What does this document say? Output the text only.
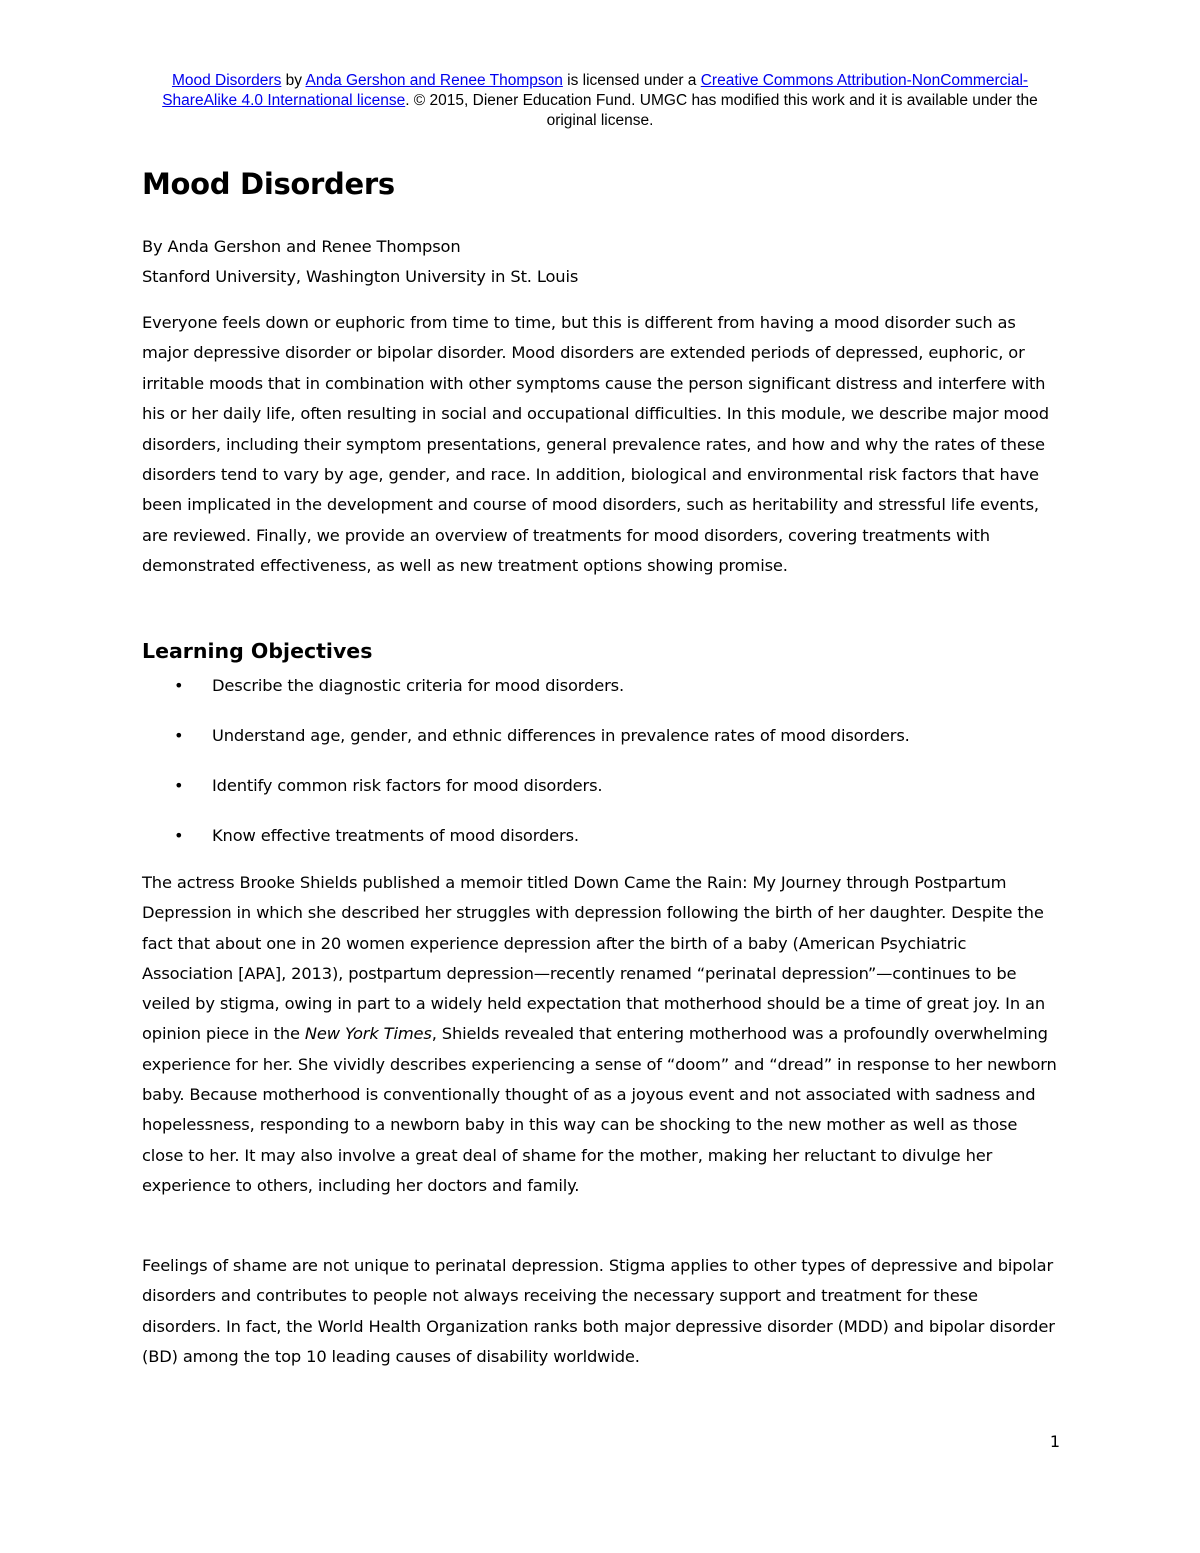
Mood Disorders by Anda Gershon and Renee Thompson is licensed under a Creative Commons Attribution-NonCommercial-ShareAlike 4.0 International license. © 2015, Diener Education Fund. UMGC has modified this work and it is available under the original license.
Mood Disorders
By Anda Gershon and Renee Thompson
Stanford University, Washington University in St. Louis

Everyone feels down or euphoric from time to time, but this is different from having a mood disorder such as major depressive disorder or bipolar disorder. Mood disorders are extended periods of depressed, euphoric, or irritable moods that in combination with other symptoms cause the person significant distress and interfere with his or her daily life, often resulting in social and occupational difficulties. In this module, we describe major mood disorders, including their symptom presentations, general prevalence rates, and how and why the rates of these disorders tend to vary by age, gender, and race. In addition, biological and environmental risk factors that have been implicated in the development and course of mood disorders, such as heritability and stressful life events, are reviewed. Finally, we provide an overview of treatments for mood disorders, covering treatments with demonstrated effectiveness, as well as new treatment options showing promise.

Learning Objectives
• Describe the diagnostic criteria for mood disorders.
• Understand age, gender, and ethnic differences in prevalence rates of mood disorders.
• Identify common risk factors for mood disorders.
• Know effective treatments of mood disorders.

The actress Brooke Shields published a memoir titled Down Came the Rain: My Journey through Postpartum Depression in which she described her struggles with depression following the birth of her daughter. Despite the fact that about one in 20 women experience depression after the birth of a baby (American Psychiatric Association [APA], 2013), postpartum depression—recently renamed “perinatal depression”—continues to be veiled by stigma, owing in part to a widely held expectation that motherhood should be a time of great joy. In an opinion piece in the New York Times, Shields revealed that entering motherhood was a profoundly overwhelming experience for her. She vividly describes experiencing a sense of “doom” and “dread” in response to her newborn baby. Because motherhood is conventionally thought of as a joyous event and not associated with sadness and hopelessness, responding to a newborn baby in this way can be shocking to the new mother as well as those close to her. It may also involve a great deal of shame for the mother, making her reluctant to divulge her experience to others, including her doctors and family.

Feelings of shame are not unique to perinatal depression. Stigma applies to other types of depressive and bipolar disorders and contributes to people not always receiving the necessary support and treatment for these disorders. In fact, the World Health Organization ranks both major depressive disorder (MDD) and bipolar disorder (BD) among the top 10 leading causes of disability worldwide.

1
